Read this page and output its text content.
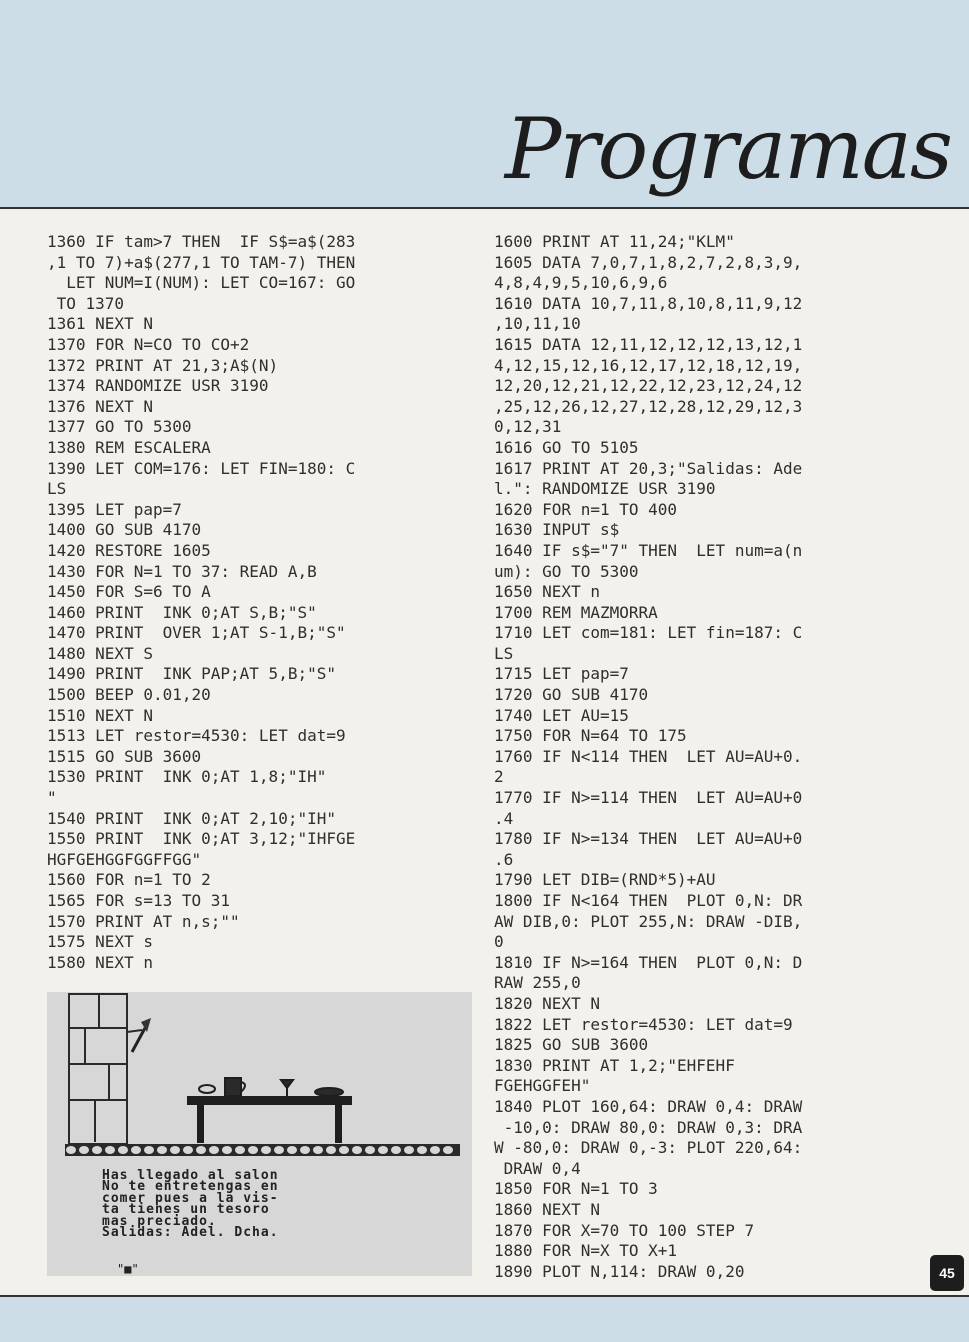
Programas
1360 IF tam>7 THEN  IF S$=a$(283
,1 TO 7)+a$(277,1 TO TAM-7) THEN
LET NUM=I(NUM): LET CO=167: GO
TO 1370
1361 NEXT N
1370 FOR N=CO TO CO+2
1372 PRINT AT 21,3;A$(N)
1374 RANDOMIZE USR 3190
1376 NEXT N
1377 GO TO 5300
1380 REM ESCALERA
1390 LET COM=176: LET FIN=180: C
LS
1395 LET pap=7
1400 GO SUB 4170
1420 RESTORE 1605
1430 FOR N=1 TO 37: READ A,B
1450 FOR S=6 TO A
1460 PRINT  INK 0;AT S,B;"S"
1470 PRINT  OVER 1;AT S-1,B;"S"
1480 NEXT S
1490 PRINT  INK PAP;AT 5,B;"S"
1500 BEEP 0.01,20
1510 NEXT N
1513 LET restor=4530: LET dat=9
1515 GO SUB 3600
1530 PRINT  INK 0;AT 1,8;"IH"
"
1540 PRINT  INK 0;AT 2,10;"IH"
1550 PRINT  INK 0;AT 3,12;"IHFGE
HGFGEHGGFGGFFGG"
1560 FOR n=1 TO 2
1565 FOR s=13 TO 31
1570 PRINT AT n,s;""
1575 NEXT s
1580 NEXT n
1600 PRINT AT 11,24;"KLM"
1605 DATA 7,0,7,1,8,2,7,2,8,3,9,
4,8,4,9,5,10,6,9,6
1610 DATA 10,7,11,8,10,8,11,9,12
,10,11,10
1615 DATA 12,11,12,12,12,13,12,1
4,12,15,12,16,12,17,12,18,12,19,
12,20,12,21,12,22,12,23,12,24,12
,25,12,26,12,27,12,28,12,29,12,3
0,12,31
1616 GO TO 5105
1617 PRINT AT 20,3;"Salidas: Ade
l.": RANDOMIZE USR 3190
1620 FOR n=1 TO 400
1630 INPUT s$
1640 IF s$="7" THEN  LET num=a(n
um): GO TO 5300
1650 NEXT n
1700 REM MAZMORRA
1710 LET com=181: LET fin=187: C
LS
1715 LET pap=7
1720 GO SUB 4170
1740 LET AU=15
1750 FOR N=64 TO 175
1760 IF N<114 THEN  LET AU=AU+0.
2
1770 IF N>=114 THEN  LET AU=AU+0
.4
1780 IF N>=134 THEN  LET AU=AU+0
.6
1790 LET DIB=(RND*5)+AU
1800 IF N<164 THEN  PLOT 0,N: DR
AW DIB,0: PLOT 255,N: DRAW -DIB,
0
1810 IF N>=164 THEN  PLOT 0,N: D
RAW 255,0
1820 NEXT N
1822 LET restor=4530: LET dat=9
1825 GO SUB 3600
1830 PRINT AT 1,2;"EHFEHF
FGEHGGFEH"
1840 PLOT 160,64: DRAW 0,4: DRAW
-10,0: DRAW 80,0: DRAW 0,3: DRA
W -80,0: DRAW 0,-3: PLOT 220,64:
DRAW 0,4
1850 FOR N=1 TO 3
1860 NEXT N
1870 FOR X=70 TO 100 STEP 7
1880 FOR N=X TO X+1
1890 PLOT N,114: DRAW 0,20

Has llegado al salon
No te entretengas en
comer pues a la vis-
ta tienes un tesoro
mas preciado.
Salidas: Adel. Dcha.
"■"	45
